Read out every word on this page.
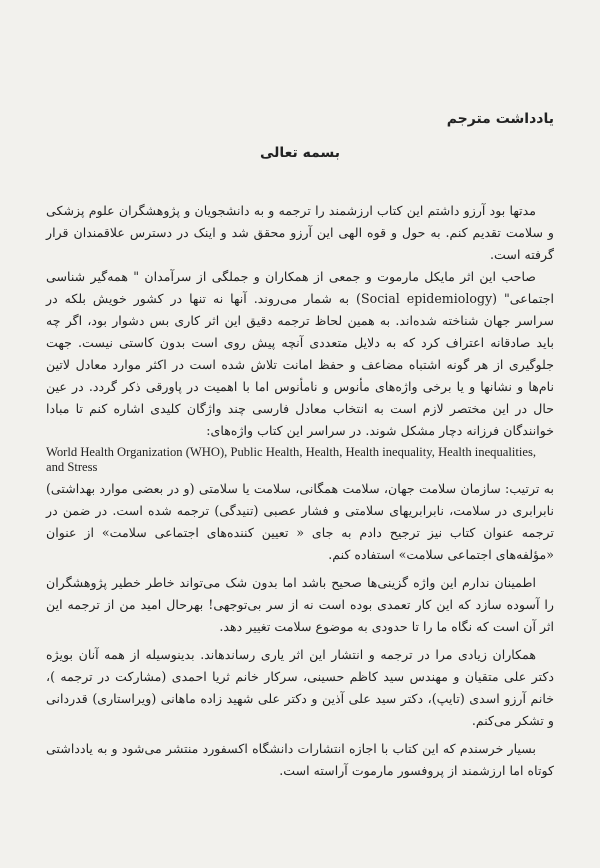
یادداشت مترجم
بسمه تعالی

مدتها بود آرزو داشتم این کتاب ارزشمند را ترجمه و به دانشجویان و پژوهشگران علوم پزشکی و سلامت تقدیم کنم. به حول و قوه الهی این آرزو محقق شد و اینک در دسترس علاقمندان قرار گرفته است.

صاحب این اثر مایکل مارموت و جمعی از همکاران و جملگی از سرآمدان " همه‌گیر شناسی اجتماعی" (Social epidemiology) به شمار می‌روند. آنها نه تنها در کشور خویش بلکه در سراسر جهان شناخته شده‌اند. به همین لحاظ ترجمه دقیق این اثر کاری بس دشوار بود، اگر چه باید صادقانه اعتراف کرد که به دلایل متعددی آنچه پیش روی است بدون کاستی نیست. جهت جلوگیری از هر گونه اشتباه مضاعف و حفظ امانت تلاش شده است در اکثر موارد معادل لاتین نام‌ها و نشانها و یا برخی واژه‌های مأنوس و نامأنوس اما با اهمیت در پاورقی ذکر گردد. در عین حال در این مختصر لازم است به انتخاب معادل فارسی چند واژگان کلیدی اشاره کنم تا مبادا خوانندگان فرزانه دچار مشکل شوند. در سراسر این کتاب واژه‌های:

World Health Organization (WHO), Public Health, Health, Health inequality, Health inequalities, and Stress

به ترتیب: سازمان سلامت جهان، سلامت همگانی، سلامت یا سلامتی (و در بعضی موارد بهداشتی) نابرابری در سلامت، نابرابریهای سلامتی و فشار عصبی (تنیدگی) ترجمه شده است. در ضمن در ترجمه عنوان کتاب نیز ترجیح دادم به جای « تعیین کننده‌های اجتماعی سلامت» از عنوان «مؤلفه‌های اجتماعی سلامت» استفاده کنم.

اطمینان ندارم این واژه گزینی‌ها صحیح باشد اما بدون شک می‌تواند خاطر خطیر پژوهشگران را آسوده سازد که این کار تعمدی بوده است نه از سر بی‌توجهی! بهرحال امید من از ترجمه این اثر آن است که نگاه ما را تا حدودی به موضوع سلامت تغییر دهد.

همکاران زیادی مرا در ترجمه و انتشار این اثر یاری رساندهاند. بدینوسیله از همه آنان بویژه دکتر علی متقیان و مهندس سید کاظم حسینی، سرکار خانم ثریا احمدی (مشارکت در ترجمه )، خانم آرزو اسدی (تایپ)، دکتر سید علی آذین و دکتر علی شهید زاده ماهانی (ویراستاری) قدردانی و تشکر می‌کنم.

بسیار خرسندم که این کتاب با اجازه انتشارات دانشگاه اکسفورد منتشر می‌شود و به یادداشتی کوتاه اما ارزشمند از پروفسور مارموت آراسته است.
